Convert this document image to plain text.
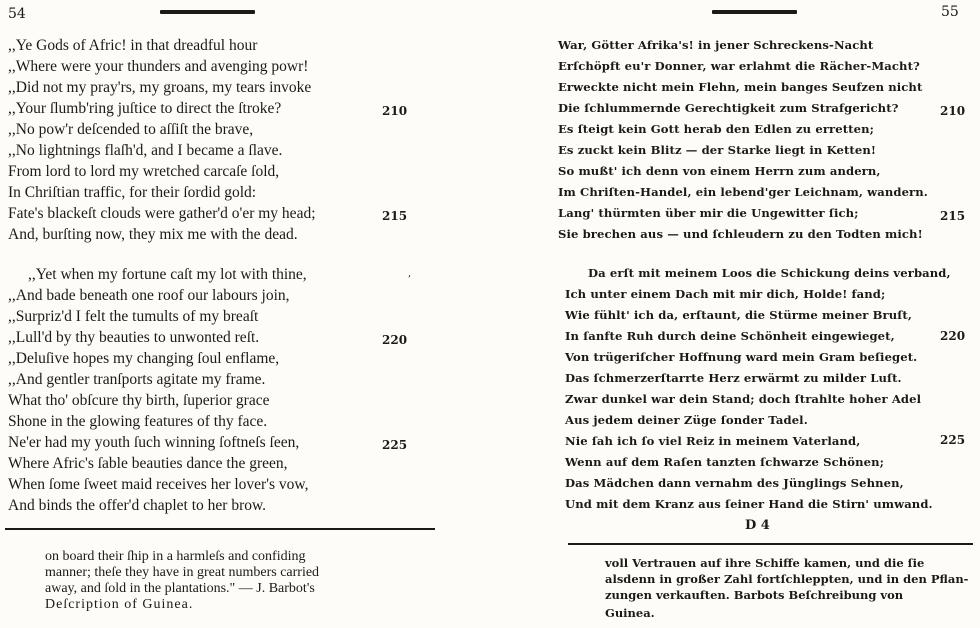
54
,,Ye Gods of Afric! in that dreadful hour
,,Where were your thunders and avenging powr!
,,Did not my pray'rs, my groans, my tears invoke
,,Your ſlumb'ring juſtice to direct the ſtroke?
,,No pow'r deſcended to aſſiſt the brave,
,,No lightnings flaſh'd, and I became a ſlave.
From lord to lord my wretched carcaſe ſold,
In Chriſtian traffic, for their ſordid gold:
Fate's blackeſt clouds were gather'd o'er my head;
And, burſting now, they mix me with the dead.
210
215
,,Yet when my fortune caſt my lot with thine,
,,And bade beneath one roof our labours join,
,,Surpriz'd I felt the tumults of my breaſt
,,Lull'd by thy beauties to unwonted reſt.
,,Deluſive hopes my changing ſoul enflame,
,,And gentler tranſports agitate my frame.
What tho' obſcure thy birth, ſuperior grace
Shone in the glowing features of thy face.
Ne'er had my youth ſuch winning ſoftneſs ſeen,
Where Afric's ſable beauties dance the green,
When ſome ſweet maid receives her lover's vow,
And binds the offer'd chaplet to her brow.
220
225
,
on board their ſhip in a harmleſs and confiding
manner; theſe they have in great numbers carried
away, and ſold in the plantations." — J. Barbot's
Deſcription of Guinea.
55
War, Götter Afrika's! in jener Schreckens-Nacht
Erſchöpft eu'r Donner, war erlahmt die Rächer-Macht?
Erweckte nicht mein Flehn, mein banges Seufzen nicht
Die ſchlummernde Gerechtigkeit zum Strafgericht?
Es ſteigt kein Gott herab den Edlen zu erretten;
Es zuckt kein Blitz — der Starke liegt in Ketten!
So mußt' ich denn von einem Herrn zum andern,
Im Chriſten-Handel, ein lebend'ger Leichnam, wandern.
Lang' thürmten über mir die Ungewitter ſich;
Sie brechen aus — und ſchleudern zu den Todten mich!
210
215
Da erſt mit meinem Loos die Schickung deins verband,
Ich unter einem Dach mit mir dich, Holde! fand;
Wie fühlt' ich da, erſtaunt, die Stürme meiner Bruſt,
In ſanfte Ruh durch deine Schönheit eingewieget,
Von trügeriſcher Hoffnung ward mein Gram beſieget.
Das ſchmerzerſtarrte Herz erwärmt zu milder Luſt.
Zwar dunkel war dein Stand; doch ſtrahlte hoher Adel
Aus jedem deiner Züge ſonder Tadel.
Nie ſah ich ſo viel Reiz in meinem Vaterland,
Wenn auf dem Raſen tanzten ſchwarze Schönen;
Das Mädchen dann vernahm des Jünglings Sehnen,
Und mit dem Kranz aus ſeiner Hand die Stirn' umwand.
220
225
D 4
voll Vertrauen auf ihre Schiffe kamen, und die ſie
alsdenn in großer Zahl fortſchleppten, und in den Pflan-
zungen verkauften. Barbots Beſchreibung von
Guinea.
